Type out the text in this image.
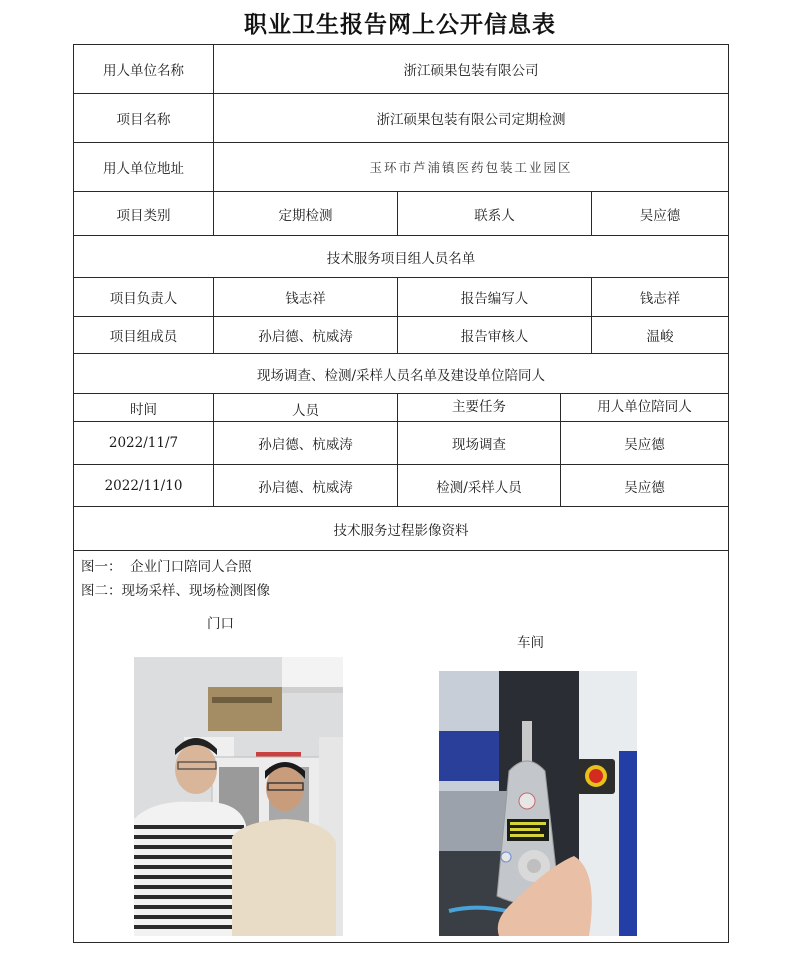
职业卫生报告网上公开信息表
用人单位名称	浙江硕果包装有限公司
项目名称	浙江硕果包装有限公司定期检测
用人单位地址	玉环市芦浦镇医药包装工业园区
项目类别	定期检测	联系人	吴应德
技术服务项目组人员名单
项目负责人	钱志祥	报告编写人	钱志祥
项目组成员	孙启德、杭威涛	报告审核人	温峻
现场调查、检测/采样人员名单及建设单位陪同人
时间	人员	主要任务	用人单位陪同人
2022/11/7	孙启德、杭威涛	现场调查	吴应德
2022/11/10	孙启德、杭威涛	检测/采样人员	吴应德
技术服务过程影像资料
图一：  企业门口陪同人合照
图二：现场采样、现场检测图像
门口
车间
